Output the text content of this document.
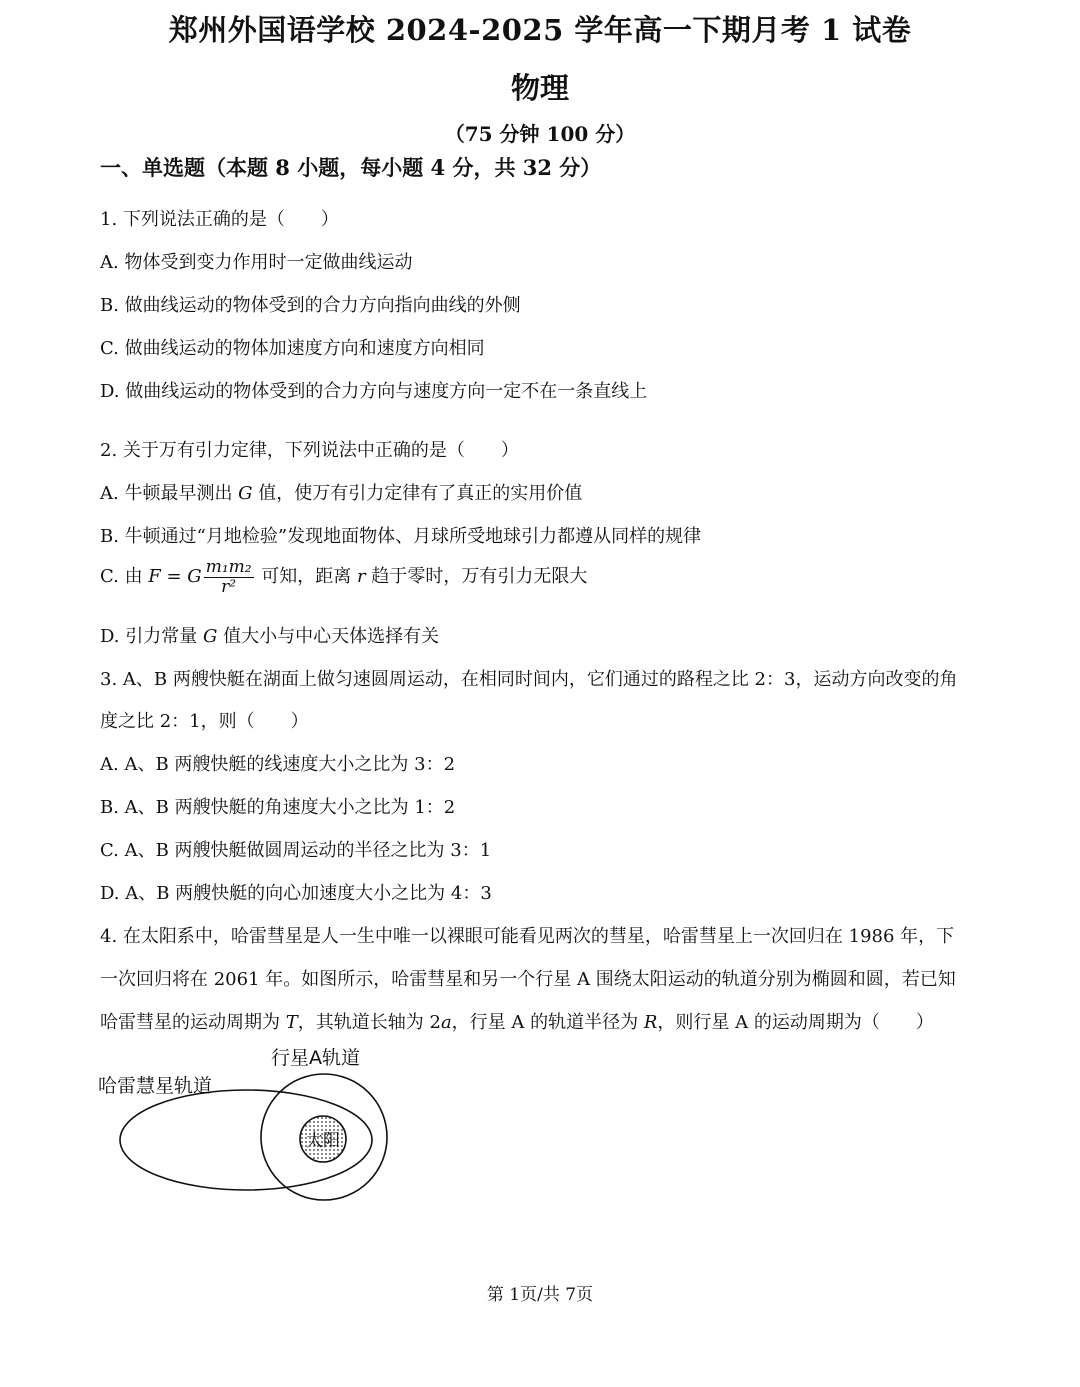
郑州外国语学校 2024-2025 学年高一下期月考 1 试卷
物理
（75 分钟 100 分）
一、单选题（本题 8 小题，每小题 4 分，共 32 分）
1. 下列说法正确的是（　　）
A. 物体受到变力作用时一定做曲线运动
B. 做曲线运动的物体受到的合力方向指向曲线的外侧
C. 做曲线运动的物体加速度方向和速度方向相同
D. 做曲线运动的物体受到的合力方向与速度方向一定不在一条直线上
2. 关于万有引力定律，下列说法中正确的是（　　）
A. 牛顿最早测出 G 值，使万有引力定律有了真正的实用价值
B. 牛顿通过“月地检验”发现地面物体、月球所受地球引力都遵从同样的规律
C. 由 F = G $\frac{\text{m₁m₂}}{\text{r²}}$ 可知，距离 r 趋于零时，万有引力无限大
D. 引力常量 G 值大小与中心天体选择有关
3. A、B 两艘快艇在湖面上做匀速圆周运动，在相同时间内，它们通过的路程之比 2：3，运动方向改变的角
度之比 2：1，则（　　）
A. A、B 两艘快艇的线速度大小之比为 3：2
B. A、B 两艘快艇的角速度大小之比为 1：2
C. A、B 两艘快艇做圆周运动的半径之比为 3：1
D. A、B 两艘快艇的向心加速度大小之比为 4：3
4. 在太阳系中，哈雷彗星是人一生中唯一以裸眼可能看见两次的彗星，哈雷彗星上一次回归在 1986 年，下
一次回归将在 2061 年。如图所示，哈雷彗星和另一个行星 A 围绕太阳运动的轨道分别为椭圆和圆，若已知
哈雷彗星的运动周期为 T，其轨道长轴为 2a，行星 A 的轨道半径为 R，则行星 A 的运动周期为（　　）
行星A轨道
哈雷慧星轨道
太阳
第 1页/共 7页
